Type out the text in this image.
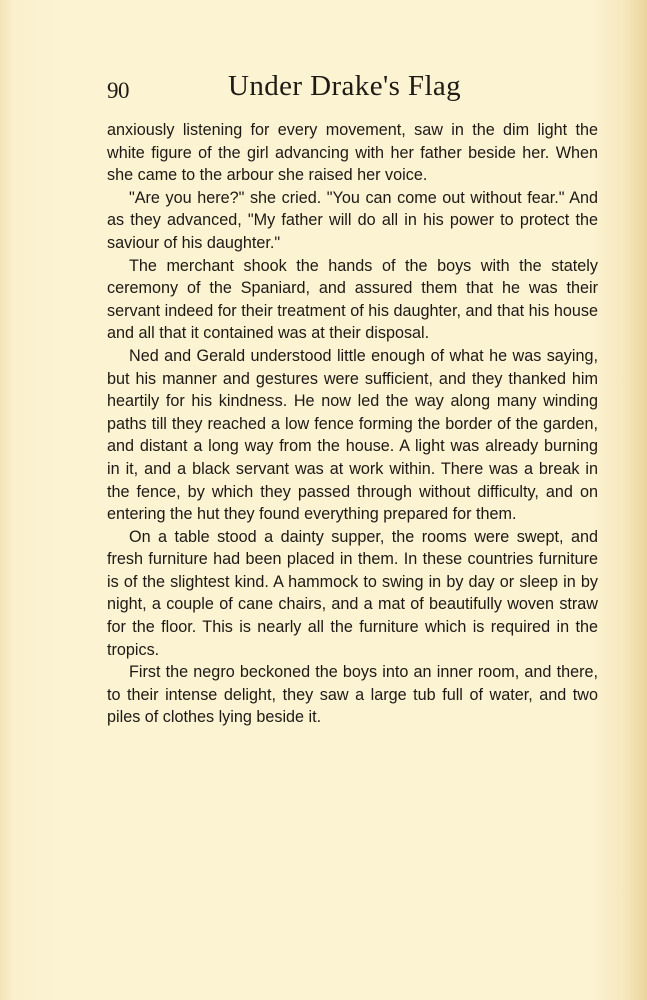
90	Under Drake's Flag

anxiously listening for every movement, saw in the dim light the white figure of the girl advancing with her father beside her. When she came to the arbour she raised her voice.

"Are you here?" she cried. "You can come out without fear." And as they advanced, "My father will do all in his power to protect the saviour of his daughter."

The merchant shook the hands of the boys with the stately ceremony of the Spaniard, and assured them that he was their servant indeed for their treatment of his daughter, and that his house and all that it contained was at their disposal.

Ned and Gerald understood little enough of what he was saying, but his manner and gestures were sufficient, and they thanked him heartily for his kindness. He now led the way along many winding paths till they reached a low fence forming the border of the garden, and distant a long way from the house. A light was already burning in it, and a black servant was at work within. There was a break in the fence, by which they passed through without difficulty, and on entering the hut they found everything prepared for them.

On a table stood a dainty supper, the rooms were swept, and fresh furniture had been placed in them. In these countries furniture is of the slightest kind. A hammock to swing in by day or sleep in by night, a couple of cane chairs, and a mat of beautifully woven straw for the floor. This is nearly all the furniture which is required in the tropics.

First the negro beckoned the boys into an inner room, and there, to their intense delight, they saw a large tub full of water, and two piles of clothes lying beside it.
